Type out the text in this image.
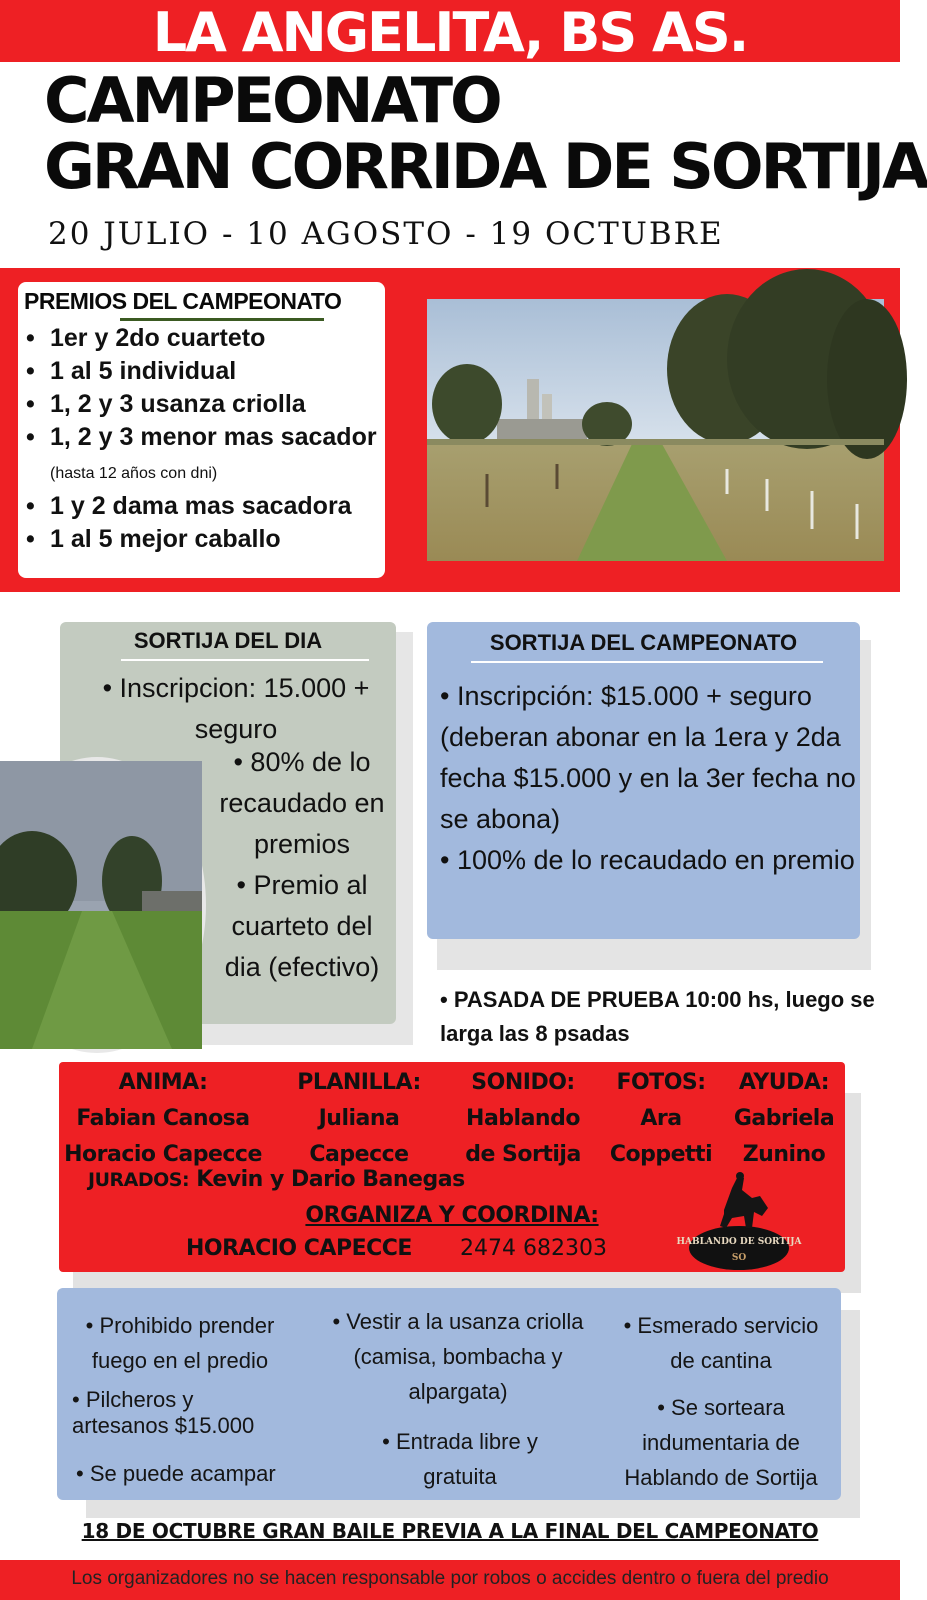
LA ANGELITA, BS AS.
CAMPEONATO
GRAN CORRIDA DE SORTIJA
20 JULIO - 10 AGOSTO - 19 OCTUBRE
PREMIOS DEL CAMPEONATO
• 1er y 2do cuarteto
• 1 al 5 individual
• 1, 2 y 3 usanza criolla
• 1, 2 y 3 menor mas sacador (hasta 12 años con dni)
• 1 y 2 dama mas sacadora
• 1 al 5 mejor caballo
SORTIJA DEL DIA
• Inscripcion: 15.000 + seguro
• 80% de lo recaudado en premios
• Premio al cuarteto del dia (efectivo)
SORTIJA DEL CAMPEONATO
• Inscripción: $15.000 + seguro (deberan abonar en la 1era y 2da fecha $15.000 y en la 3er fecha no se abona)
• 100% de lo recaudado en premio
• PASADA DE PRUEBA 10:00 hs, luego se larga las 8 psadas
ANIMA:
Fabian Canosa
Horacio Capecce
PLANILLA:
Juliana
Capecce
SONIDO:
Hablando
de Sortija
FOTOS:
Ara
Coppetti
AYUDA:
Gabriela
Zunino
JURADOS: Kevin y Dario Banegas
ORGANIZA Y COORDINA:
HORACIO CAPECCE 2474 682303	HABLANDO DE SORTIJA
SO
• Prohibido prender fuego en el predio
• Pilcheros y artesanos $15.000
• Se puede acampar
• Vestir a la usanza criolla (camisa, bombacha y alpargata)
• Entrada libre y gratuita
• Esmerado servicio de cantina
• Se sorteara indumentaria de Hablando de Sortija
18 DE OCTUBRE GRAN BAILE PREVIA A LA FINAL DEL CAMPEONATO
Los organizadores no se hacen responsable por robos o accides dentro o fuera del predio
